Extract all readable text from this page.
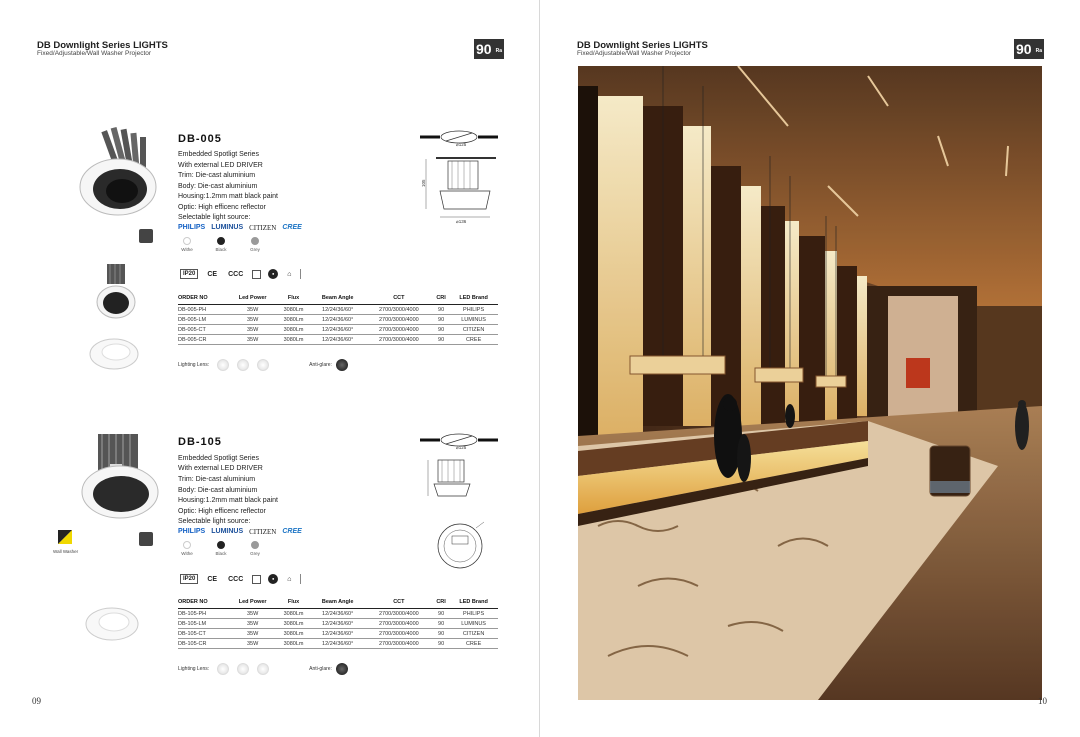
DB Downlight Series LIGHTS
Fixed/Adjustable/Wall Washer Projector	90 Ra
DB-005
Embedded Spotligt Series
With external LED DRIVER
Trim: Die-cast aluminium
Body: Die-cast aluminium
Housing:1.2mm matt black paint
Optic: High efficenc reflector
Selectable light source:
PHILIPS LUMINUS CITIZEN CREE
Withe	Black	Grey
IP20	CE CCC	●	⌂
⌀125
105
⌀136
ORDER NO	Led Power	Flux	Beam Angle	CCT	CRI	LED Brand
DB-005-PH	35W	3080Lm	12/24/36/60°	2700/3000/4000	90	PHILIPS
DB-005-LM	35W	3080Lm	12/24/36/60°	2700/3000/4000	90	LUMINUS
DB-005-CT	35W	3080Lm	12/24/36/60°	2700/3000/4000	90	CITIZEN
DB-005-CR	35W	3080Lm	12/24/36/60°	2700/3000/4000	90	CREE
Lighting Lens:	Anti-glare:
Wall Washer
DB-105
Embedded Spotligt Series
With external LED DRIVER
Trim: Die-cast aluminium
Body: Die-cast aluminium
Housing:1.2mm matt black paint
Optic: High efficenc reflector
Selectable light source:
PHILIPS LUMINUS CITIZEN CREE
Withe	Black	Grey
IP20	CE CCC	●	⌂
⌀125
ORDER NO	Led Power	Flux	Beam Angle	CCT	CRI	LED Brand
DB-105-PH	35W	3080Lm	12/24/36/60°	2700/3000/4000	90	PHILIPS
DB-105-LM	35W	3080Lm	12/24/36/60°	2700/3000/4000	90	LUMINUS
DB-105-CT	35W	3080Lm	12/24/36/60°	2700/3000/4000	90	CITIZEN
DB-105-CR	35W	3080Lm	12/24/36/60°	2700/3000/4000	90	CREE
Lighting Lens:	Anti-glare:
09
DB Downlight Series LIGHTS
Fixed/Adjustable/Wall Washer Projector	90 Ra
10
